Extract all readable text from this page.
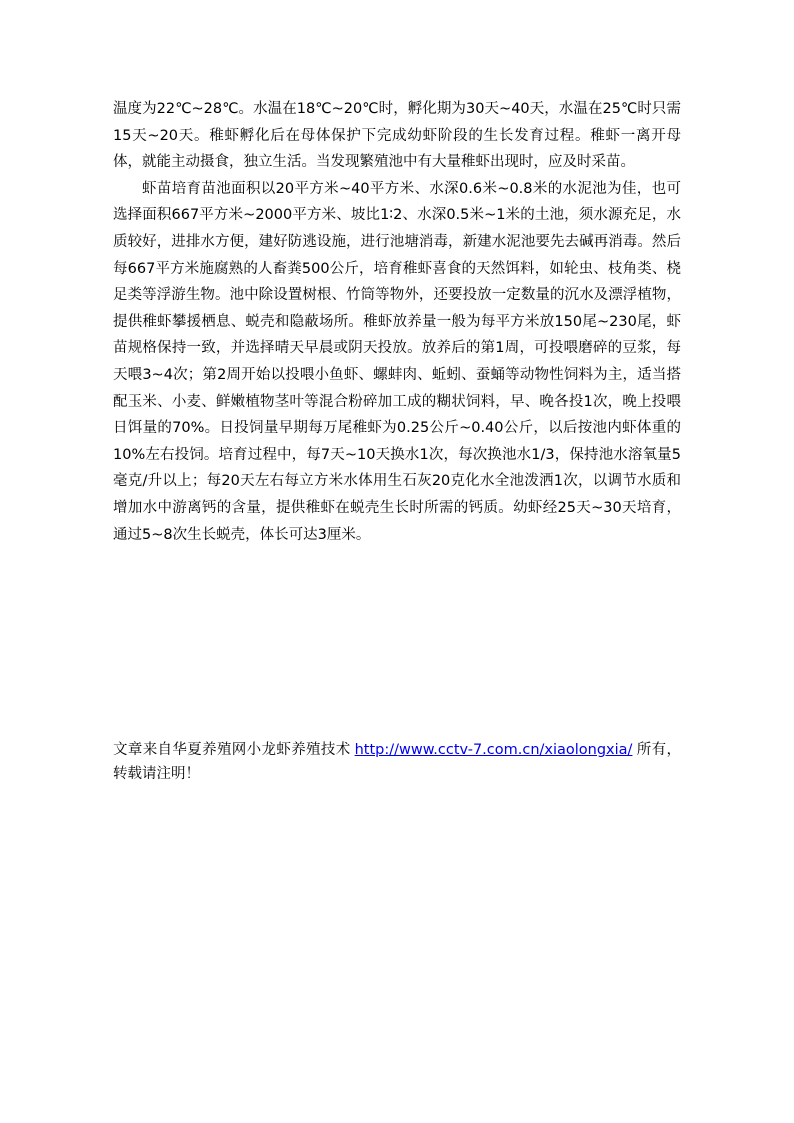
温度为22℃~28℃。水温在18℃~20℃时，孵化期为30天~40天，水温在25℃时只需15天~20天。稚虾孵化后在母体保护下完成幼虾阶段的生长发育过程。稚虾一离开母体，就能主动摄食，独立生活。当发现繁殖池中有大量稚虾出现时，应及时采苗。

虾苗培育苗池面积以20平方米~40平方米、水深0.6米~0.8米的水泥池为佳，也可选择面积667平方米~2000平方米、坡比1∶2、水深0.5米~1米的土池，须水源充足，水质较好，进排水方便，建好防逃设施，进行池塘消毒，新建水泥池要先去碱再消毒。然后每667平方米施腐熟的人畜粪500公斤，培育稚虾喜食的天然饵料，如轮虫、枝角类、桡足类等浮游生物。池中除设置树根、竹筒等物外，还要投放一定数量的沉水及漂浮植物，提供稚虾攀援栖息、蜕壳和隐蔽场所。稚虾放养量一般为每平方米放150尾~230尾，虾苗规格保持一致，并选择晴天早晨或阴天投放。放养后的第1周，可投喂磨碎的豆浆，每天喂3~4次；第2周开始以投喂小鱼虾、螺蚌肉、蚯蚓、蚕蛹等动物性饲料为主，适当搭配玉米、小麦、鲜嫩植物茎叶等混合粉碎加工成的糊状饲料，早、晚各投1次，晚上投喂日饵量的70%。日投饲量早期每万尾稚虾为0.25公斤~0.40公斤，以后按池内虾体重的10%左右投饲。培育过程中，每7天~10天换水1次，每次换池水1/3，保持池水溶氧量5毫克/升以上；每20天左右每立方米水体用生石灰20克化水全池泼洒1次，以调节水质和增加水中游离钙的含量，提供稚虾在蜕壳生长时所需的钙质。幼虾经25天~30天培育，通过5~8次生长蜕壳，体长可达3厘米。

文章来自华夏养殖网小龙虾养殖技术 http://www.cctv-7.com.cn/xiaolongxia/ 所有，转载请注明！
